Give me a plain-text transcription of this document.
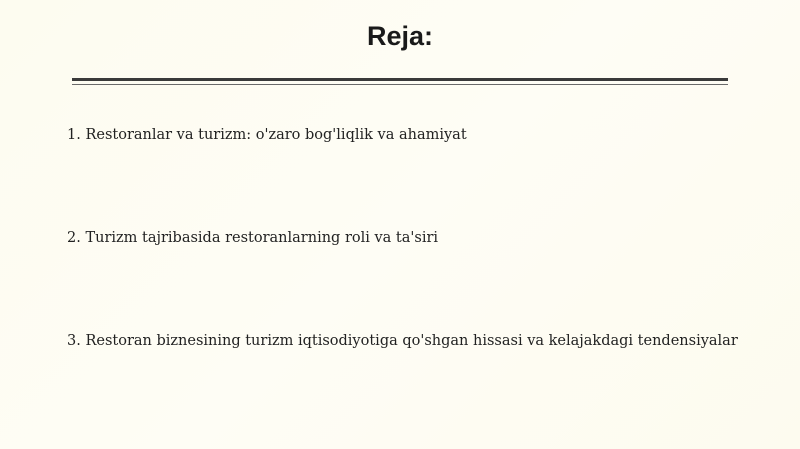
Reja:
1. Restoranlar va turizm: o'zaro bog'liqlik va ahamiyat
2. Turizm tajribasida restoranlarning roli va ta'siri
3. Restoran biznesining turizm iqtisodiyotiga qo'shgan hissasi va kelajakdagi tendensiyalar
